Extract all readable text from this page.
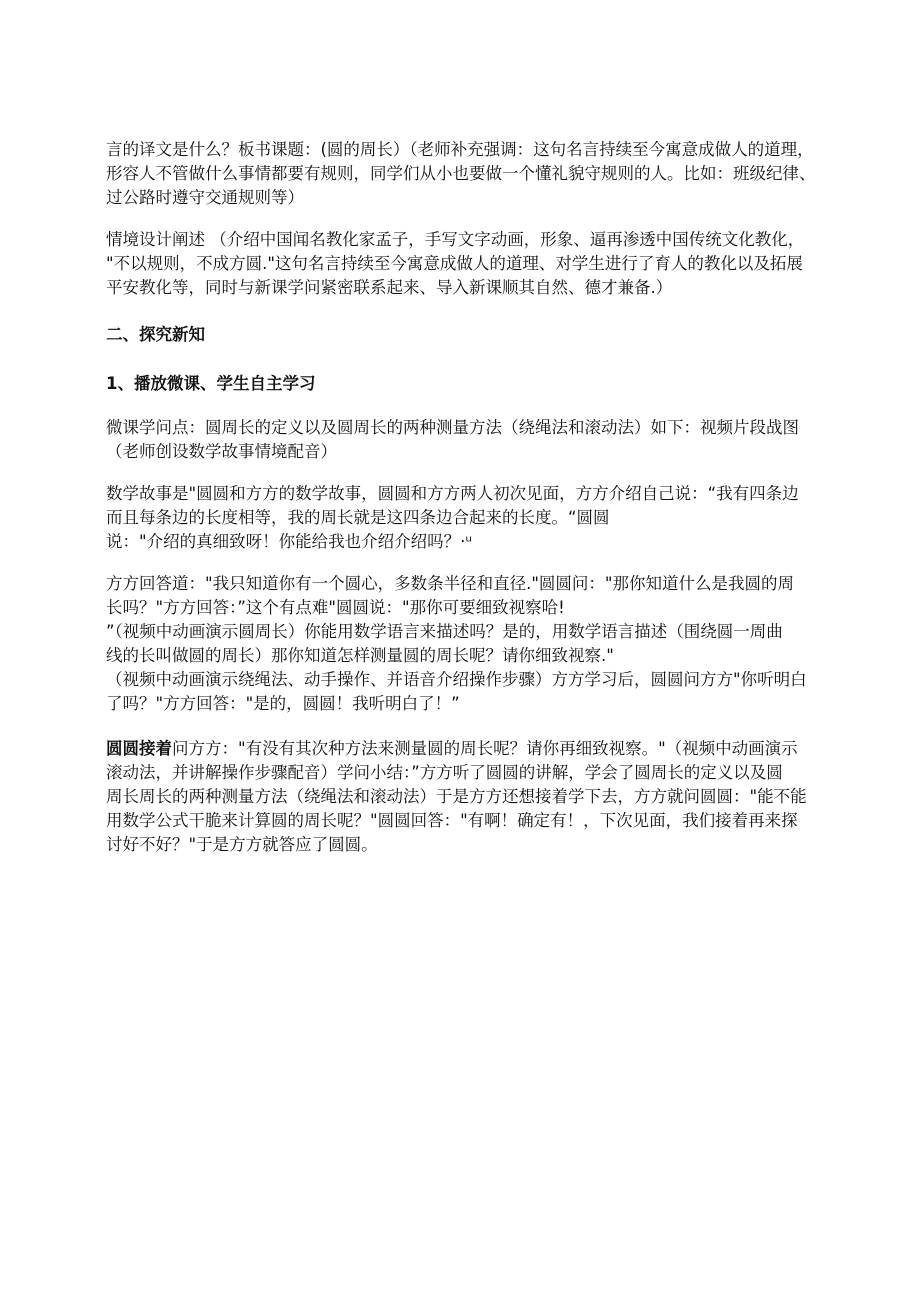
言的译文是什么？板书课题：(圆的周长）（老师补充强调：这句名言持续至今寓意成做人的道理，
形容人不管做什么事情都要有规则，同学们从小也要做一个懂礼貌守规则的人。比如：班级纪律、
过公路时遵守交通规则等）
情境设计阐述 （介绍中国闻名教化家孟子，手写文字动画，形象、逼再渗透中国传统文化教化，
"不以规则，不成方圆."这句名言持续至今寓意成做人的道理、对学生进行了育人的教化以及拓展
平安教化等，同时与新课学问紧密联系起来、导入新课顺其自然、德才兼备.）
二、探究新知
1、播放微课、学生自主学习
微课学问点：圆周长的定义以及圆周长的两种测量方法（绕绳法和滚动法）如下：视频片段战图
（老师创设数学故事情境配音）
数学故事是"圆圆和方方的数学故事，圆圆和方方两人初次见面，方方介绍自己说：“我有四条边
而且每条边的长度相等，我的周长就是这四条边合起来的长度。“圆圆
说："介绍的真细致呀！你能给我也介绍介绍吗？·ᵘ
方方回答道："我只知道你有一个圆心，多数条半径和直径."圆圆问："那你知道什么是我圆的周
长吗？"方方回答：”这个有点难"圆圆说："那你可要细致视察哈!
”（视频中动画演示圆周长）你能用数学语言来描述吗？是的，用数学语言描述（围绕圆一周曲
线的长叫做圆的周长）那你知道怎样测量圆的周长呢？请你细致视察."
（视频中动画演示绕绳法、动手操作、并语音介绍操作步骤）方方学习后，圆圆问方方"你听明白
了吗？"方方回答："是的，圆圆！我听明白了！”
圆圆接着问方方："有没有其次种方法来测量圆的周长呢？请你再细致视察。"（视频中动画演示
滚动法，并讲解操作步骤配音）学问小结：”方方听了圆圆的讲解，学会了圆周长的定义以及圆
周长周长的两种测量方法（绕绳法和滚动法）于是方方还想接着学下去，方方就问圆圆："能不能
用数学公式干脆来计算圆的周长呢？"圆圆回答："有啊！确定有！，下次见面，我们接着再来探
讨好不好？"于是方方就答应了圆圆。
